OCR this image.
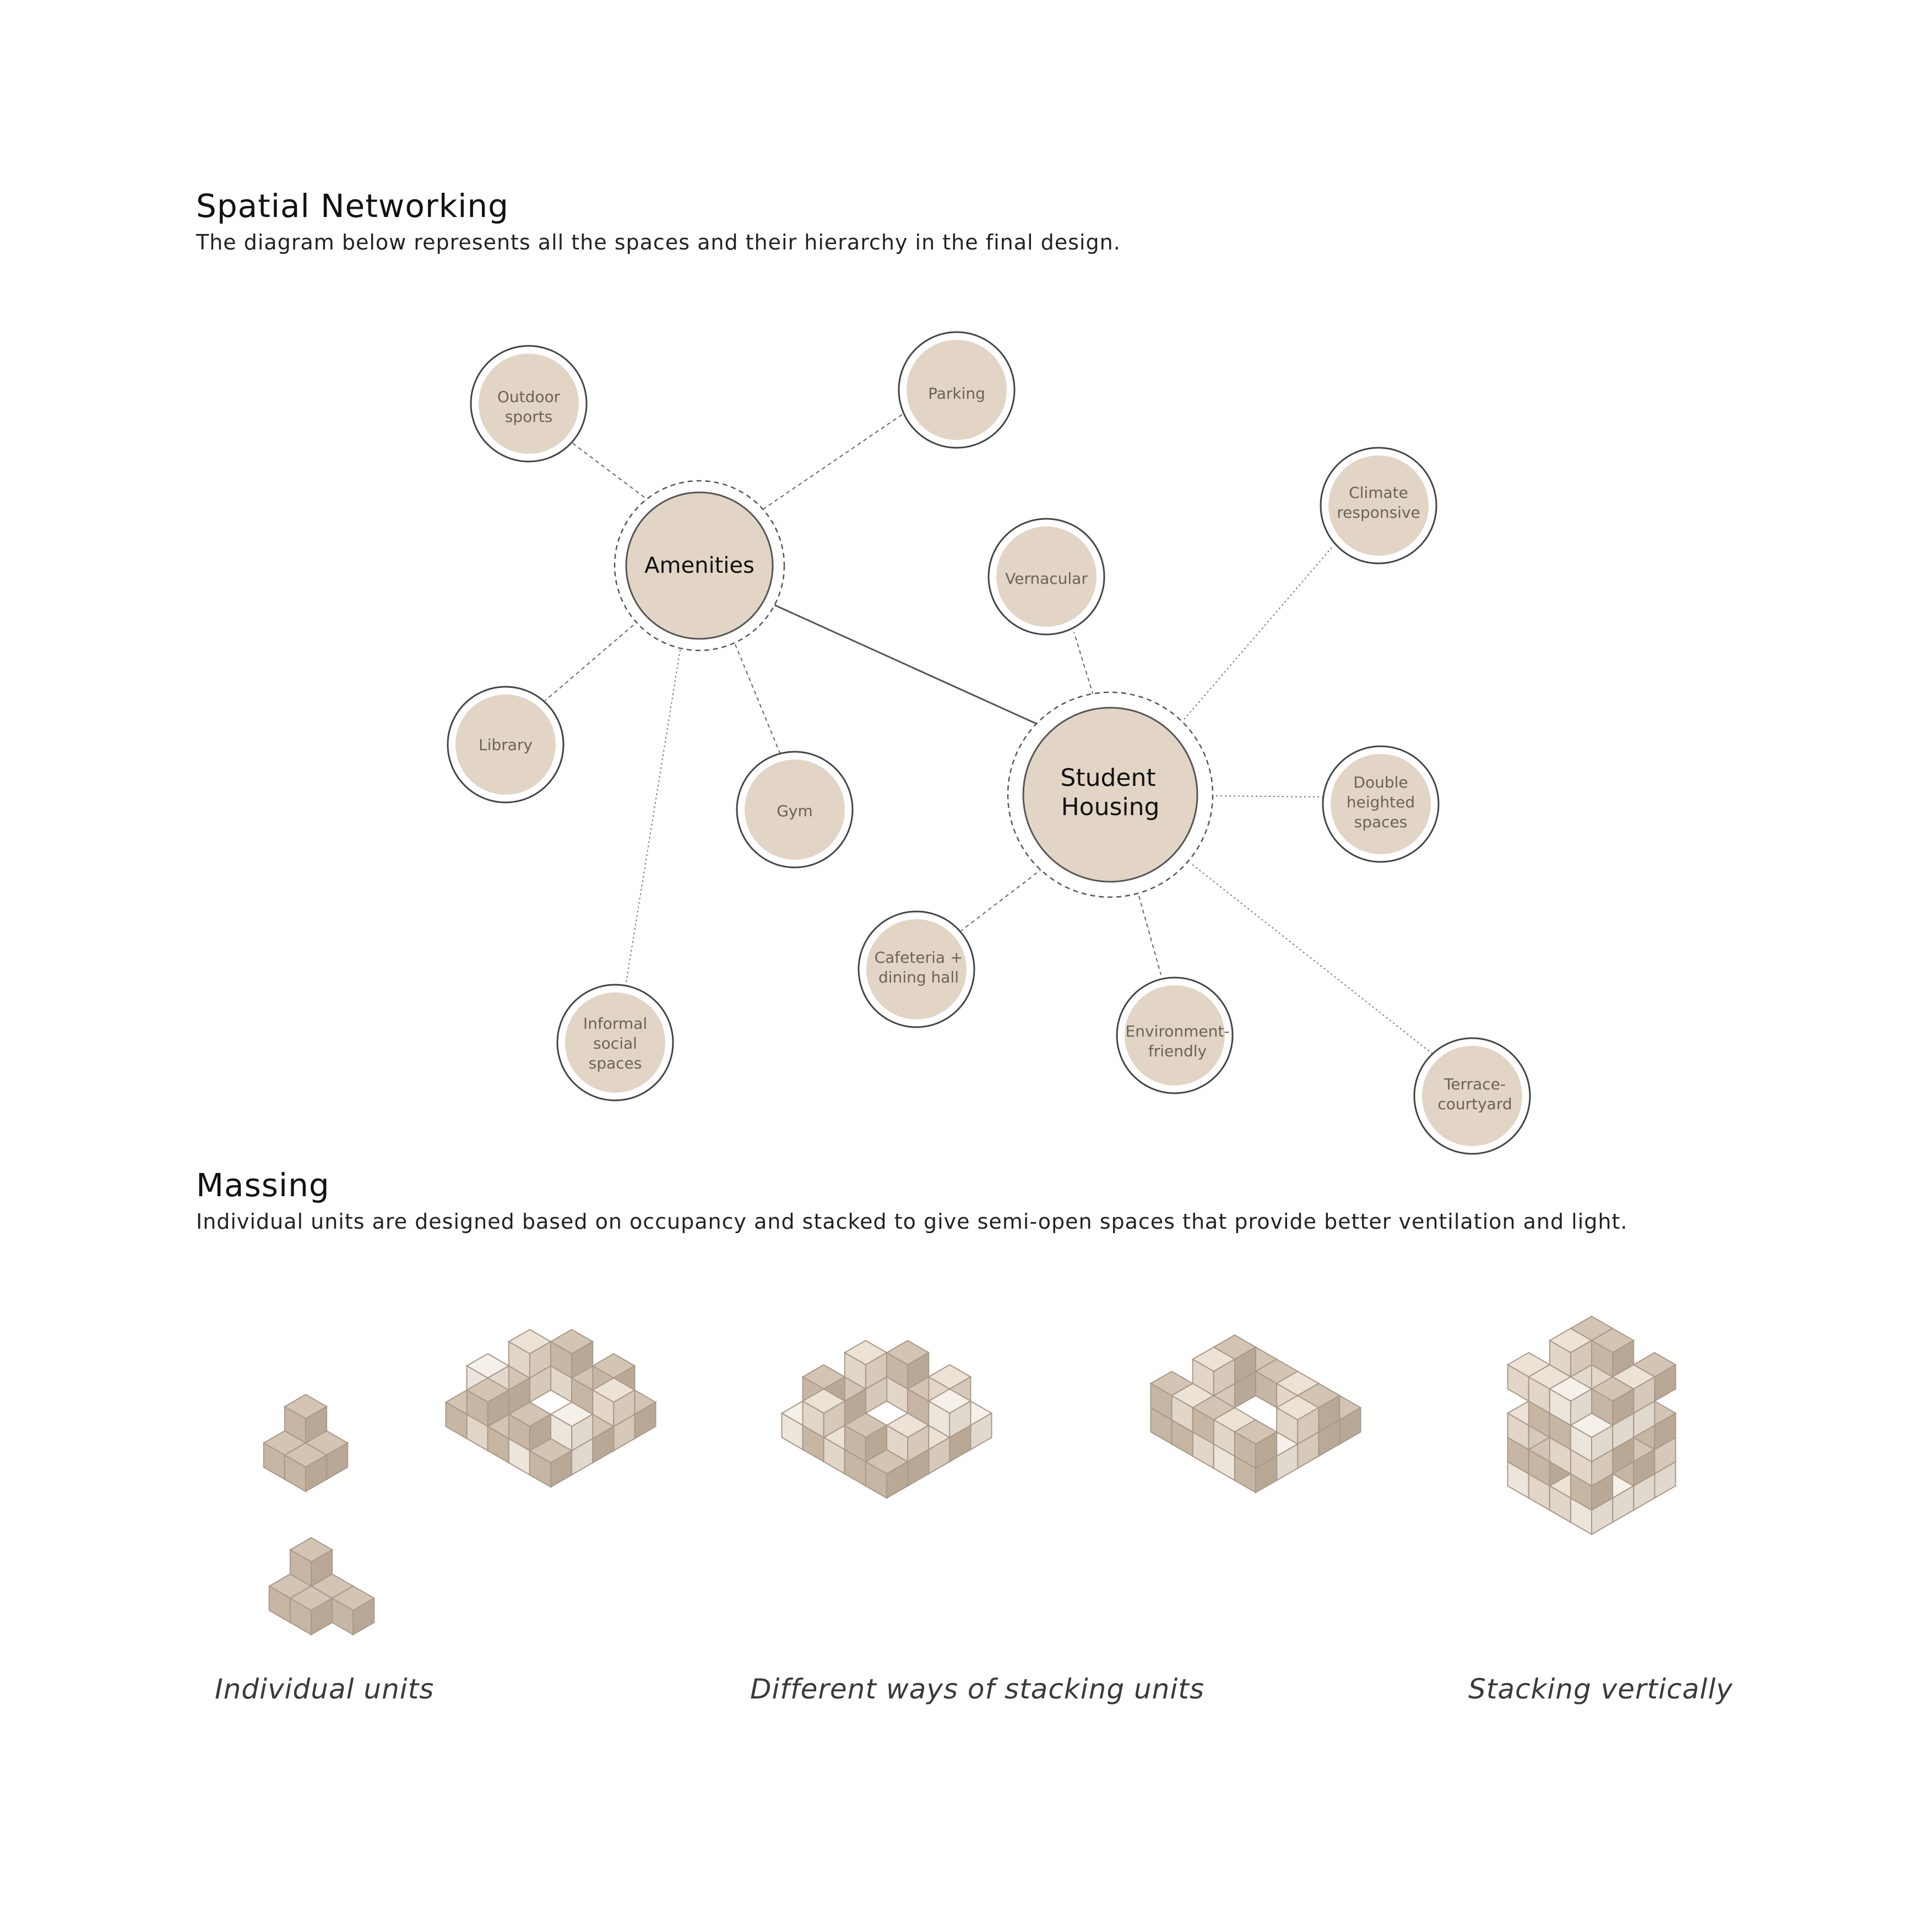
Spatial Networking

The diagram below represents all the spaces and their hierarchy in the final design.

Amenities
Student
Housing
Outdoor
sports
Parking
Library
Gym
Informal
social
spaces
Vernacular
Climate
responsive
Double
heighted
spaces
Cafeteria +
dining hall
Environment-
friendly
Terrace-
courtyard
Massing

Individual units are designed based on occupancy and stacked to give semi-open spaces that provide better ventilation and light.

Individual units	Different ways of stacking units	Stacking vertically
